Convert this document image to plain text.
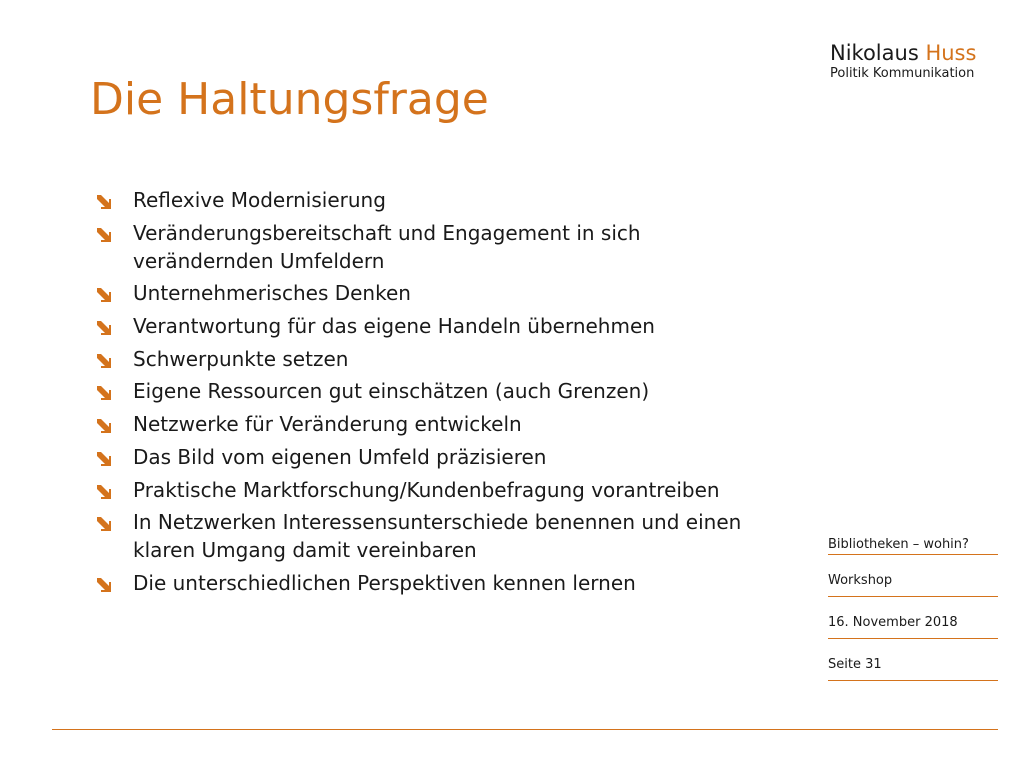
Nikolaus Huss
Politik Kommunikation
Die Haltungsfrage
Reflexive Modernisierung
Veränderungsbereitschaft und Engagement in sich verändernden Umfeldern
Unternehmerisches Denken
Verantwortung für das eigene Handeln übernehmen
Schwerpunkte setzen
Eigene Ressourcen gut einschätzen (auch Grenzen)
Netzwerke für Veränderung entwickeln
Das Bild vom eigenen Umfeld präzisieren
Praktische Marktforschung/Kundenbefragung vorantreiben
In Netzwerken Interessensunterschiede benennen und einen klaren Umgang damit vereinbaren
Die unterschiedlichen Perspektiven kennen lernen
Bibliotheken – wohin?
Workshop
16. November 2018
Seite 31
